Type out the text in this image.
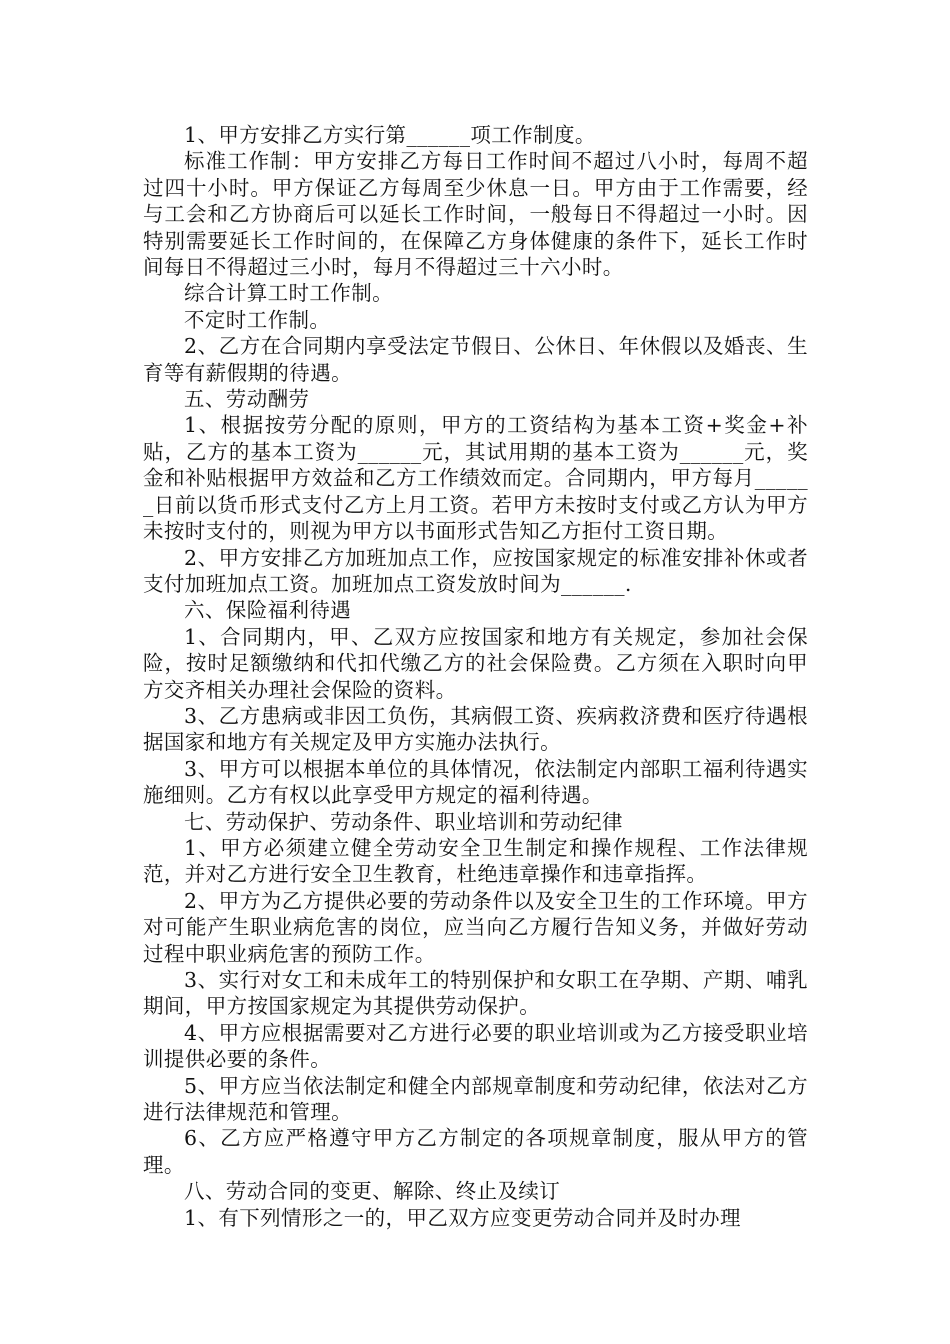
1、甲方安排乙方实行第______项工作制度。

标准工作制：甲方安排乙方每日工作时间不超过八小时，每周不超过四十小时。甲方保证乙方每周至少休息一日。甲方由于工作需要，经与工会和乙方协商后可以延长工作时间，一般每日不得超过一小时。因特别需要延长工作时间的，在保障乙方身体健康的条件下，延长工作时间每日不得超过三小时，每月不得超过三十六小时。

综合计算工时工作制。

不定时工作制。

2、乙方在合同期内享受法定节假日、公休日、年休假以及婚丧、生育等有薪假期的待遇。

五、劳动酬劳

1、根据按劳分配的原则，甲方的工资结构为基本工资+奖金+补贴，乙方的基本工资为______元，其试用期的基本工资为______元，奖金和补贴根据甲方效益和乙方工作绩效而定。合同期内，甲方每月______日前以货币形式支付乙方上月工资。若甲方未按时支付或乙方认为甲方未按时支付的，则视为甲方以书面形式告知乙方拒付工资日期。

2、甲方安排乙方加班加点工作，应按国家规定的标准安排补休或者支付加班加点工资。加班加点工资发放时间为______.

六、保险福利待遇

1、合同期内，甲、乙双方应按国家和地方有关规定，参加社会保险，按时足额缴纳和代扣代缴乙方的社会保险费。乙方须在入职时向甲方交齐相关办理社会保险的资料。

3、乙方患病或非因工负伤，其病假工资、疾病救济费和医疗待遇根据国家和地方有关规定及甲方实施办法执行。

3、甲方可以根据本单位的具体情况，依法制定内部职工福利待遇实施细则。乙方有权以此享受甲方规定的福利待遇。

七、劳动保护、劳动条件、职业培训和劳动纪律

1、甲方必须建立健全劳动安全卫生制定和操作规程、工作法律规范，并对乙方进行安全卫生教育，杜绝违章操作和违章指挥。

2、甲方为乙方提供必要的劳动条件以及安全卫生的工作环境。甲方对可能产生职业病危害的岗位，应当向乙方履行告知义务，并做好劳动过程中职业病危害的预防工作。

3、实行对女工和未成年工的特别保护和女职工在孕期、产期、哺乳期间，甲方按国家规定为其提供劳动保护。

4、甲方应根据需要对乙方进行必要的职业培训或为乙方接受职业培训提供必要的条件。

5、甲方应当依法制定和健全内部规章制度和劳动纪律，依法对乙方进行法律规范和管理。

6、乙方应严格遵守甲方乙方制定的各项规章制度，服从甲方的管理。

八、劳动合同的变更、解除、终止及续订

1、有下列情形之一的，甲乙双方应变更劳动合同并及时办理
